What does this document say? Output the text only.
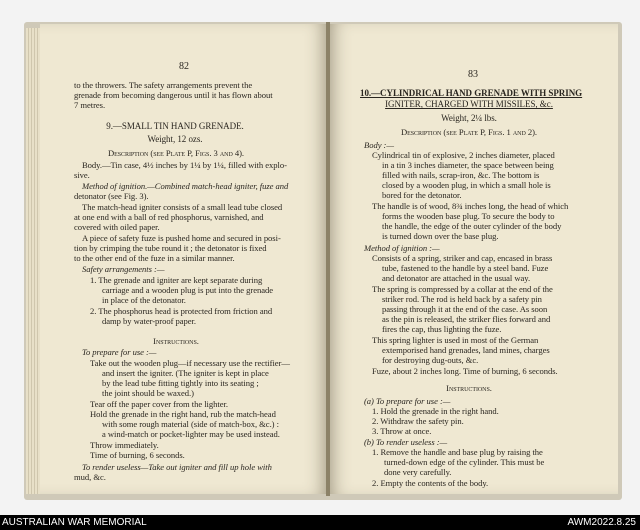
82
to the throwers. The safety arrangements prevent the
grenade from becoming dangerous until it has flown about
7 metres.
9.—SMALL TIN HAND GRENADE.
Weight, 12 ozs.
Description (see Plate P, Figs. 3 and 4).
Body.—Tin case, 4½ inches by 1¼ by 1¼, filled with explo-
sive.
Method of ignition.—Combined match-head igniter, fuze and
detonator (see Fig. 3).
The match-head igniter consists of a small lead tube closed
at one end with a ball of red phosphorus, varnished, and
covered with oiled paper.
A piece of safety fuze is pushed home and secured in posi-
tion by crimping the tube round it ; the detonator is fixed
to the other end of the fuze in a similar manner.
Safety arrangements :—
1. The grenade and igniter are kept separate during
carriage and a wooden plug is put into the grenade
in place of the detonator.
2. The phosphorus head is protected from friction and
damp by water-proof paper.
Instructions.
To prepare for use :—
Take out the wooden plug—if necessary use the rectifier—
and insert the igniter. (The igniter is kept in place
by the lead tube fitting tightly into its seating ;
the joint should be waxed.)
Tear off the paper cover from the lighter.
Hold the grenade in the right hand, rub the match-head
with some rough material (side of match-box, &c.) :
a wind-match or pocket-lighter may be used instead.
Throw immediately.
Time of burning, 6 seconds.
To render useless—Take out igniter and fill up hole with
mud, &c.
83
10.—CYLINDRICAL HAND GRENADE WITH SPRING
IGNITER, CHARGED WITH MISSILES, &c.
Weight, 2¼ lbs.
Description (see Plate P, Figs. 1 and 2).
Body :—
Cylindrical tin of explosive, 2 inches diameter, placed
in a tin 3 inches diameter, the space between being
filled with nails, scrap-iron, &c. The bottom is
closed by a wooden plug, in which a small hole is
bored for the detonator.
The handle is of wood, 8¾ inches long, the head of which
forms the wooden base plug. To secure the body to
the handle, the edge of the outer cylinder of the body
is turned down over the base plug.
Method of ignition :—
Consists of a spring, striker and cap, encased in brass
tube, fastened to the handle by a steel band. Fuze
and detonator are attached in the usual way.
The spring is compressed by a collar at the end of the
striker rod. The rod is held back by a safety pin
passing through it at the end of the case. As soon
as the pin is released, the striker flies forward and
fires the cap, thus lighting the fuze.
This spring lighter is used in most of the German
extemporised hand grenades, land mines, charges
for destroying dug-outs, &c.
Fuze, about 2 inches long. Time of burning, 6 seconds.
Instructions.
(a) To prepare for use :—
1. Hold the grenade in the right hand.
2. Withdraw the safety pin.
3. Throw at once.
(b) To render useless :—
1. Remove the handle and base plug by raising the
turned-down edge of the cylinder. This must be
done very carefully.
2. Empty the contents of the body.
AUSTRALIAN WAR MEMORIAL	AWM2022.8.25
